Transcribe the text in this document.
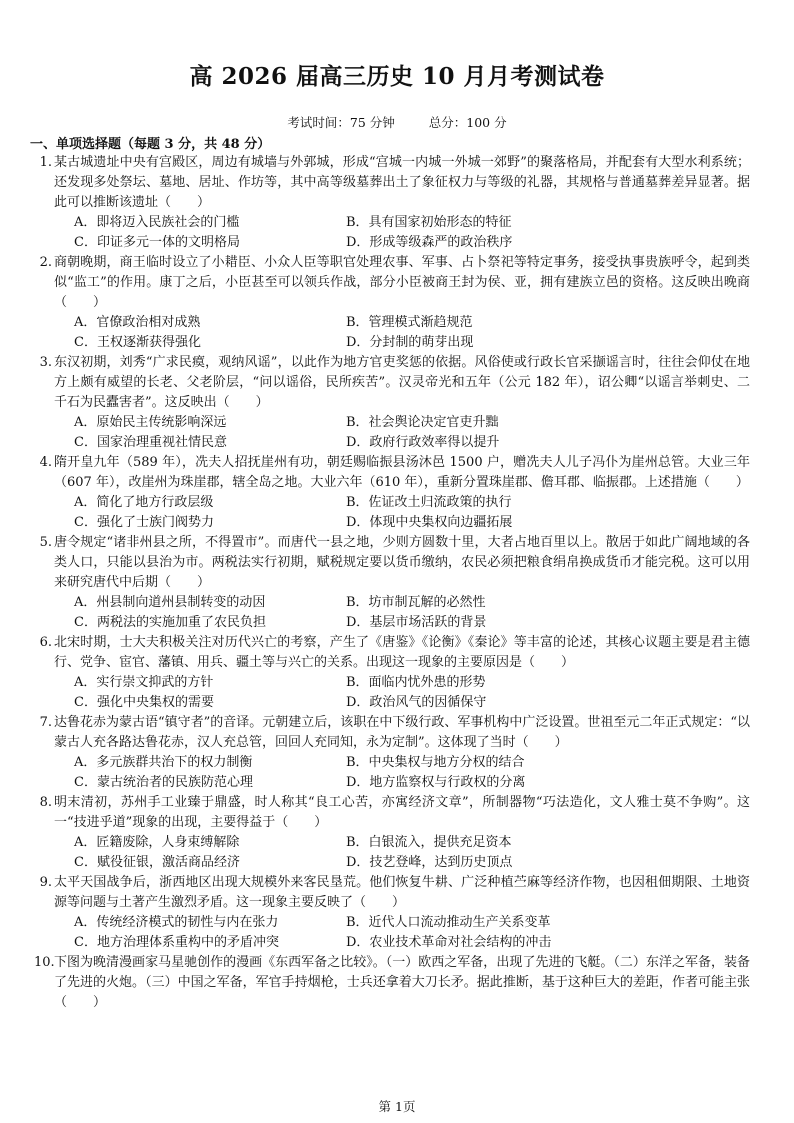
高 2026 届高三历史 10 月月考测试卷
考试时间：75 分钟	总分：100 分
一、单项选择题（每题 3 分，共 48 分）
1. 某古城遗址中央有宫殿区，周边有城墙与外郭城，形成“宫城一内城一外城一郊野”的聚落格局，并配套有大型水利系统；还发现多处祭坛、墓地、居址、作坊等，其中高等级墓葬出土了象征权力与等级的礼器，其规格与普通墓葬差异显著。据此可以推断该遗址（　　）
A．即将迈入民族社会的门槛	B．具有国家初始形态的特征
C．印证多元一体的文明格局	D．形成等级森严的政治秩序
2. 商朝晚期，商王临时设立了小耤臣、小众人臣等职官处理农事、军事、占卜祭祀等特定事务，接受执事贵族呼令，起到类似“监工”的作用。康丁之后，小臣甚至可以领兵作战，部分小臣被商王封为侯、亚，拥有建族立邑的资格。这反映出晚商（　　）
A．官僚政治相对成熟	B．管理模式渐趋规范
C．王权逐渐获得强化	D．分封制的萌芽出现
3. 东汉初期，刘秀“广求民瘼，观纳风谣”，以此作为地方官吏奖惩的依据。风俗使或行政长官采撷谣言时，往往会仰仗在地方上颇有威望的长老、父老阶层，“问以谣俗，民所疾苦”。汉灵帝光和五年（公元 182 年），诏公卿“以谣言举刺史、二千石为民蠹害者”。这反映出（　　）
A．原始民主传统影响深远	B．社会舆论决定官吏升黜
C．国家治理重视社情民意	D．政府行政效率得以提升
4. 隋开皇九年（589 年），冼夫人招抚崖州有功，朝廷赐临振县汤沐邑 1500 户，赠冼夫人儿子冯仆为崖州总管。大业三年（607 年），改崖州为珠崖郡，辖全岛之地。大业六年（610 年），重新分置珠崖郡、儋耳郡、临振郡。上述措施（　　）
A．简化了地方行政层级	B．佐证改土归流政策的执行
C．强化了士族门阀势力	D．体现中央集权向边疆拓展
5. 唐令规定“诸非州县之所，不得置市”。而唐代一县之地，少则方圆数十里，大者占地百里以上。散居于如此广阔地域的各类人口，只能以县治为市。两税法实行初期，赋税规定要以货币缴纳，农民必须把粮食绢帛换成货币才能完税。这可以用来研究唐代中后期（　　）
A．州县制向道州县制转变的动因	B．坊市制瓦解的必然性
C．两税法的实施加重了农民负担	D．基层市场活跃的背景
6. 北宋时期，士大夫积极关注对历代兴亡的考察，产生了《唐鉴》《论衡》《秦论》等丰富的论述，其核心议题主要是君主德行、党争、宦官、藩镇、用兵、疆土等与兴亡的关系。出现这一现象的主要原因是（　　）
A．实行崇文抑武的方针	B．面临内忧外患的形势
C．强化中央集权的需要	D．政治风气的因循保守
7. 达鲁花赤为蒙古语“镇守者”的音译。元朝建立后，该职在中下级行政、军事机构中广泛设置。世祖至元二年正式规定：“以蒙古人充各路达鲁花赤，汉人充总管，回回人充同知，永为定制”。这体现了当时（　　）
A．多元族群共治下的权力制衡	B．中央集权与地方分权的结合
C．蒙古统治者的民族防范心理	D．地方监察权与行政权的分离
8. 明末清初，苏州手工业臻于鼎盛，时人称其“良工心苦，亦寓经济文章”，所制器物“巧法造化，文人雅士莫不争购”。这一“技进乎道”现象的出现，主要得益于（　　）
A．匠籍废除，人身束缚解除	B．白银流入，提供充足资本
C．赋役征银，激活商品经济	D．技艺登峰，达到历史顶点
9. 太平天国战争后，浙西地区出现大规模外来客民垦荒。他们恢复牛耕、广泛种植苎麻等经济作物，也因租佃期限、土地资源等问题与土著产生激烈矛盾。这一现象主要反映了（　　）
A．传统经济模式的韧性与内在张力	B．近代人口流动推动生产关系变革
C．地方治理体系重构中的矛盾冲突	D．农业技术革命对社会结构的冲击
10. 下图为晚清漫画家马星驰创作的漫画《东西军备之比较》。（一）欧西之军备，出现了先进的飞艇。（二）东洋之军备，装备了先进的火炮。（三）中国之军备，军官手持烟枪，士兵还拿着大刀长矛。据此推断，基于这种巨大的差距，作者可能主张（　　）
第 1页
